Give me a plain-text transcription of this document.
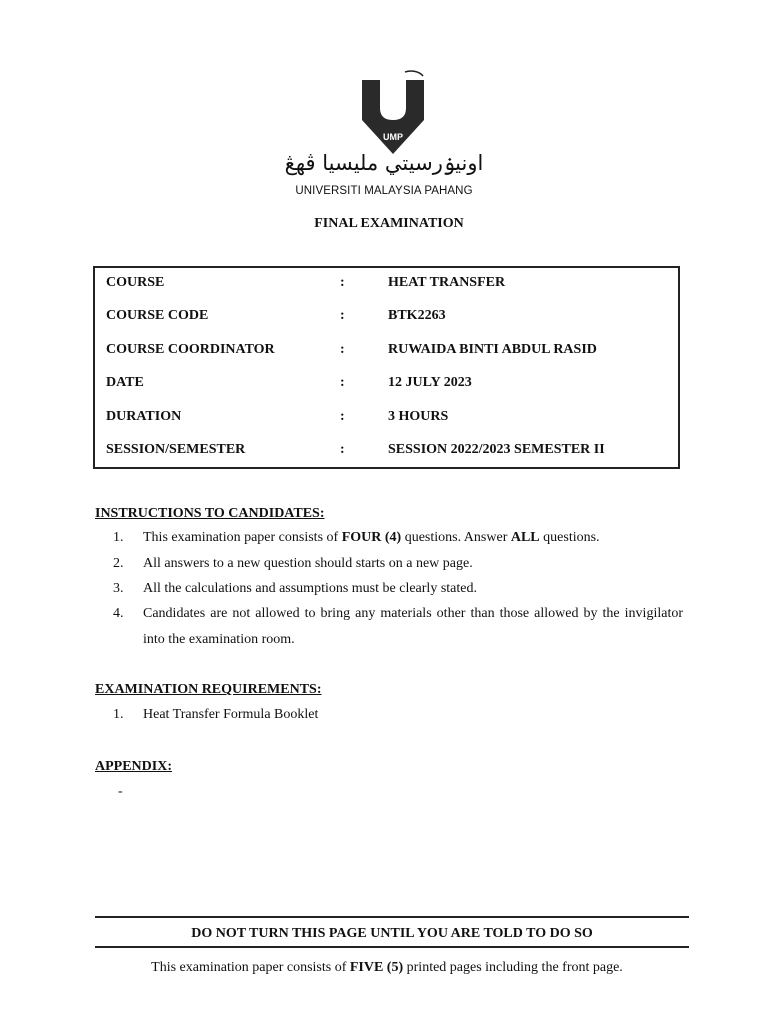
UMP
اونيۏرسيتي مليسيا ڤهڠ
UNIVERSITI MALAYSIA PAHANG
FINAL EXAMINATION
COURSE	:	HEAT TRANSFER
COURSE CODE	:	BTK2263
COURSE COORDINATOR	:	RUWAIDA BINTI ABDUL RASID
DATE	:	12 JULY 2023
DURATION	:	3 HOURS
SESSION/SEMESTER	:	SESSION 2022/2023 SEMESTER II
INSTRUCTIONS TO CANDIDATES:
1.	This examination paper consists of FOUR (4) questions. Answer ALL questions.
2.	All answers to a new question should starts on a new page.
3.	All the calculations and assumptions must be clearly stated.
4.	Candidates are not allowed to bring any materials other than those allowed by the invigilator into the examination room.
EXAMINATION REQUIREMENTS:
1.	Heat Transfer Formula Booklet
APPENDIX:
-
DO NOT TURN THIS PAGE UNTIL YOU ARE TOLD TO DO SO
This examination paper consists of FIVE (5) printed pages including the front page.
